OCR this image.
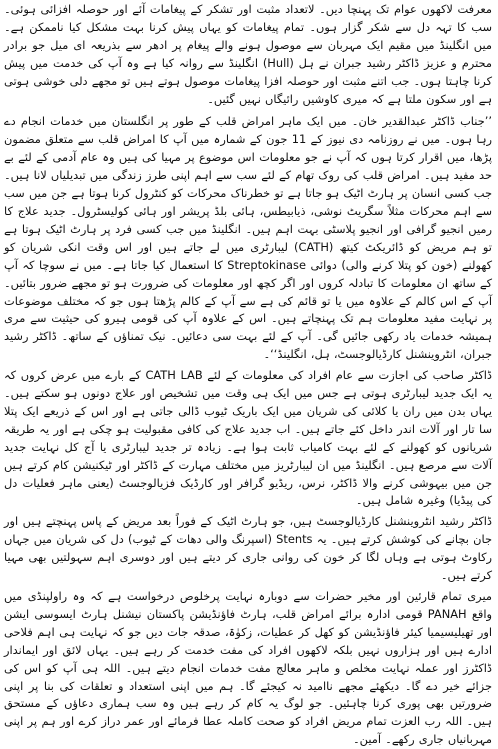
معرفت لاکھوں عوام تک پہنچا دیں۔ لاتعداد مثبت اور تشکر کے پیغامات آئے اور حوصلہ افزائی ہوئی۔ سب کا تہہ دل سے شکر گزار ہوں۔ تمام پیغامات کو یہاں پیش کرنا بہت مشکل کیا ناممکن ہے۔ میں انگلینڈ میں مقیم ایک مہربان سے موصول ہونے والے پیغام پر ادھر سے بذریعہ ای میل جو برادر محترم و عزیز ڈاکٹر رشید جبران نے ہل (Hull) انگلینڈ سے روانہ کیا ہے وہ آپ کی خدمت میں پیش کرنا چاہتا ہوں۔ جب اتنے مثبت اور حوصلہ افزا پیغامات موصول ہوتے ہیں تو مجھے دلی خوشی ہوتی ہے اور سکون ملتا ہے کہ میری کاوشیں رائیگاں نہیں گئیں۔

’’جناب ڈاکٹر عبدالقدیر خان۔ میں ایک ماہر امراض قلب کے طور پر انگلستان میں خدمات انجام دے رہا ہوں۔ میں نے روزنامہ دی نیوز کے 11 جون کے شمارہ میں آپ کا امراض قلب سے متعلق مضمون پڑھا، میں اقرار کرتا ہوں کہ آپ نے جو معلومات اس موضوع پر مہیا کی ہیں وہ عام آدمی کے لئے بے حد مفید ہیں۔ امراض قلب کی روک تھام کے لئے سب سے اہم اپنی طرز زندگی میں تبدیلیاں لانا ہیں۔ جب کسی انسان پر ہارٹ اٹیک ہو جاتا ہے تو خطرناک محرکات کو کنٹرول کرنا ہوتا ہے جن میں سب سے اہم محرکات مثلاً سگریٹ نوشی، ذیابیطس، ہائی بلڈ پریشر اور ہائی کولیسٹرول۔ جدید علاج کا رمیں انجیو گرافی اور انجیو پلاسٹی بہت اہم ہیں۔ انگلینڈ میں جب کسی فرد پر ہارٹ اٹیک ہوتا ہے تو ہم مریض کو ڈائریکٹ کیتھ (CATH) لیبارٹری میں لے جاتے ہیں اور اس وقت انکی شریان کو کھولنے (خون کو پتلا کرنے والی) دوائی Streptokinase کا استعمال کیا جاتا ہے۔ میں نے سوچا کہ آپ کے ساتھ ان معلومات کا تبادلہ کروں اور اگر کچھ اور معلومات کی ضرورت ہو تو مجھے ضرور بتائیں۔ آپ کے اس کالم کے علاوہ میں یا تو قائم کی ہے سے آپ کے کالم پڑھتا ہوں جو کہ مختلف موضوعات پر نہایت مفید معلومات ہم تک پہنچاتے ہیں۔ اس کے علاوہ آپ کی قومی ہیرو کی حیثیت سے مری ہمیشہ خدمات یاد رکھی جائیں گی۔ آپ کے لئے بہت سی دعائیں۔ نیک تمناؤں کے ساتھ۔ ڈاکٹر رشید جبران، انٹروینشنل کارڈیالوجسٹ، ہل، انگلینڈ‘‘۔

ڈاکٹر صاحب کی اجازت سے عام افراد کی معلومات کے لئے CATH LAB کے بارے میں عرض کروں کہ یہ ایک جدید لیبارٹری ہوتی ہے جس میں ایک ہی وقت میں تشخیص اور علاج دونوں ہو سکتے ہیں۔ یہاں بدن میں ران یا کلائی کی شریان میں ایک باریک ٹیوب ڈالی جاتی ہے اور اس کے ذریعے ایک پتلا سا تار اور آلات اندر داخل کئے جاتے ہیں۔ اب جدید علاج کی کافی مقبولیت ہو چکی ہے اور یہ طریقہ شریانوں کو کھولنے کے لئے بہت کامیاب ثابت ہوا ہے۔ زیادہ تر جدید لیبارٹری یا آج کل نہایت جدید آلات سے مرصع ہیں۔ انگلینڈ میں ان لیبارٹریز میں مختلف مہارت کے ڈاکٹر اور ٹیکنیشن کام کرتے ہیں جن میں بیہوشی کرنے والا ڈاکٹر، نرس، ریڈیو گرافر اور کارڈیک فزیالوجسٹ (یعنی ماہر فعلیات دل کی پیڈیا) وغیرہ شامل ہیں۔

ڈاکٹر رشید انٹروینشنل کارڈیالوجسٹ ہیں، جو ہارٹ اٹیک کے فوراً بعد مریض کے پاس پہنچتے ہیں اور جان بچانے کی کوشش کرتے ہیں۔ یہ Stents (اسپرنگ والی دھات کے ٹیوب) دل کی شریان میں جہاں رکاوٹ ہوتی ہے وہاں لگا کر خون کی روانی جاری کر دیتے ہیں اور دوسری اہم سہولتیں بھی مہیا کرتے ہیں۔

میری تمام قارئین اور مخیر حضرات سے دوبارہ نہایت پرخلوص درخواست ہے کہ وہ راولپنڈی میں واقع PANAH قومی ادارہ برائے امراض قلب، ہارٹ فاؤنڈیشن پاکستان نیشنل ہارٹ ایسوسی ایشن اور تھیلیسیمیا کیئر فاؤنڈیشن کو کھل کر عطیات، زکوٰۃ، صدقہ جات دیں جو کہ نہایت ہی اہم فلاحی ادارے ہیں اور ہزاروں نہیں بلکہ لاکھوں افراد کی مفت خدمت کر رہے ہیں۔ یہاں لائق اور ایماندار ڈاکٹرز اور عملہ نہایت مخلص و ماہر معالج مفت خدمات انجام دیتے ہیں۔ اللہ ہی آپ کو اس کی جزائے خیر دے گا۔ دیکھئے مجھے ناامید نہ کیجئے گا۔ ہم میں اپنی استعداد و تعلقات کی بنا پر اپنی ضرورتیں بھی پوری کرنا چاہئیں۔ جو لوگ یہ کام کر رہے ہیں وہ سب ہماری دعاؤں کے مستحق ہیں۔ اللہ رب العزت تمام مریض افراد کو صحت کاملہ عطا فرمائے اور عمر دراز کرے اور ہم پر اپنی مہربانیاں جاری رکھے۔ آمین۔
